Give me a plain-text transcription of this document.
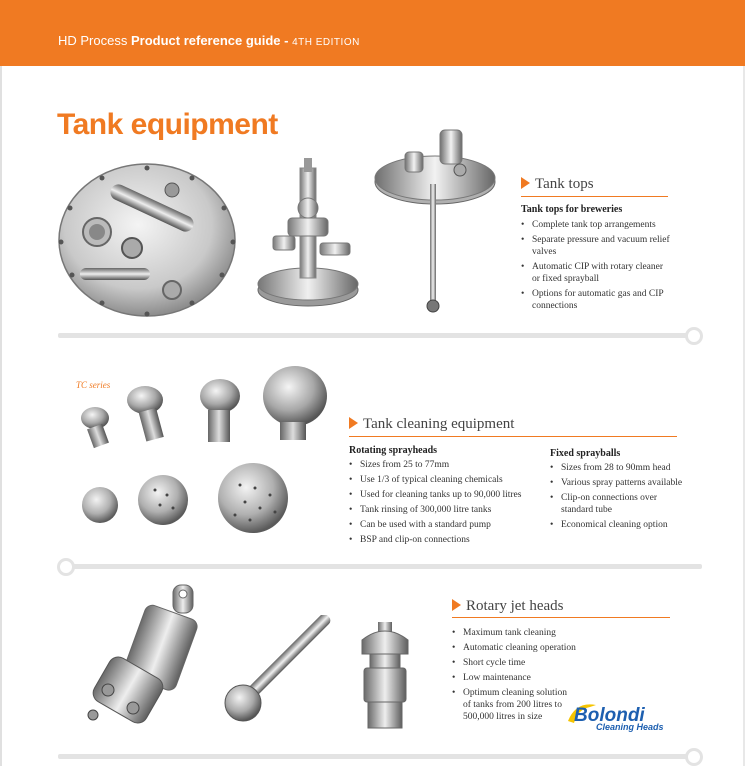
HD Process Product reference guide - 4TH EDITION
Tank equipment
Tank tops
Tank tops for breweries
• Complete tank top arrangements
• Separate pressure and vacuum relief valves
• Automatic CIP with rotary cleaner or fixed sprayball
• Options for automatic gas and CIP connections
TC series
Tank cleaning equipment
Rotating sprayheads
• Sizes from 25 to 77mm
• Use 1/3 of typical cleaning chemicals
• Used for cleaning tanks up to 90,000 litres
• Tank rinsing of 300,000 litre tanks
• Can be used with a standard pump
• BSP and clip-on connections
Fixed sprayballs
• Sizes from 28 to 90mm head
• Various spray patterns available
• Clip-on connections over standard tube
• Economical cleaning option
Rotary jet heads
• Maximum tank cleaning
• Automatic cleaning operation
• Short cycle time
• Low maintenance
• Optimum cleaning solution of tanks from 200 litres to 500,000 litres in size	Bolondi
Cleaning Heads
